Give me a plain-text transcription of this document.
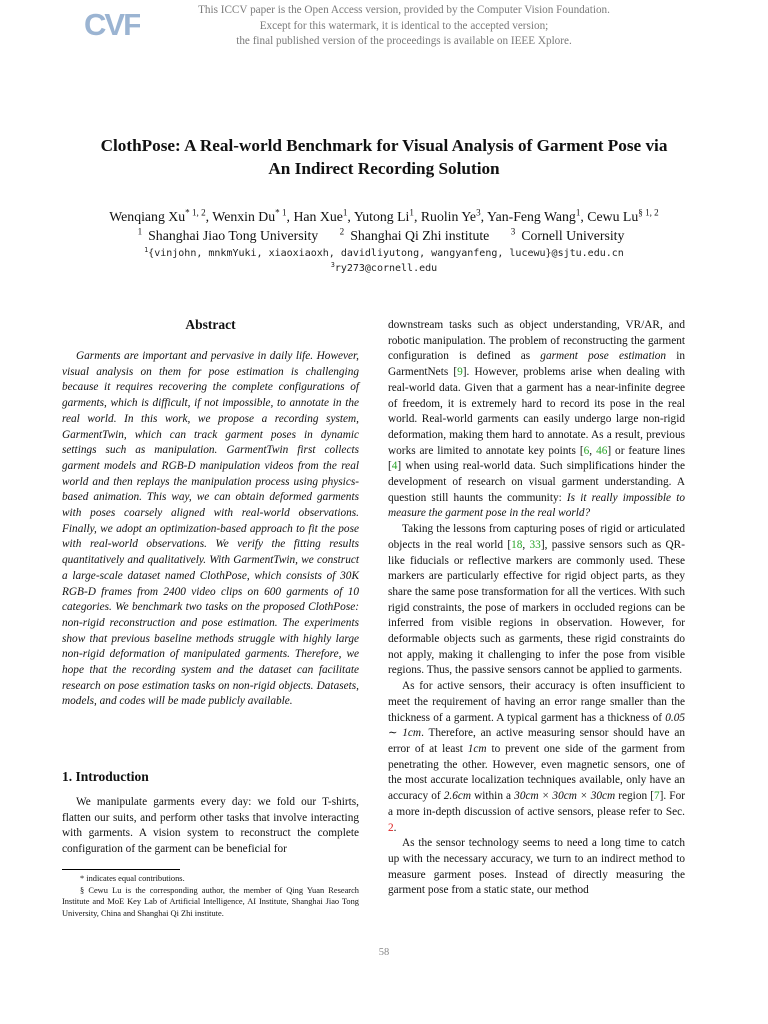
CVF	This ICCV paper is the Open Access version, provided by the Computer Vision Foundation.
Except for this watermark, it is identical to the accepted version;
the final published version of the proceedings is available on IEEE Xplore.
ClothPose: A Real-world Benchmark for Visual Analysis of Garment Pose via
An Indirect Recording Solution
Wenqiang Xu$^{* 1, 2}$, Wenxin Du$^{* 1}$, Han Xue$^1$, Yutong Li$^1$, Ruolin Ye$^3$, Yan-Feng Wang$^1$, Cewu Lu$^{\S 1, 2}$
$^1$ Shanghai Jiao Tong University $^2$ Shanghai Qi Zhi institute $^3$ Cornell University
$^1${vinjohn, mnkmYuki, xiaoxiaoxh, davidliyutong, wangyanfeng, lucewu}@sjtu.edu.cn
$^3$ry273@cornell.edu
Abstract
Garments are important and pervasive in daily life. However, visual analysis on them for pose estimation is challenging because it requires recovering the complete configurations of garments, which is difficult, if not impossible, to annotate in the real world. In this work, we propose a recording system, GarmentTwin, which can track garment poses in dynamic settings such as manipulation. GarmentTwin first collects garment models and RGB-D manipulation videos from the real world and then replays the manipulation process using physics-based animation. This way, we can obtain deformed garments with poses coarsely aligned with real-world observations. Finally, we adopt an optimization-based approach to fit the pose with real-world observations. We verify the fitting results quantitatively and qualitatively. With GarmentTwin, we construct a large-scale dataset named ClothPose, which consists of 30K RGB-D frames from 2400 video clips on 600 garments of 10 categories. We benchmark two tasks on the proposed ClothPose: non-rigid reconstruction and pose estimation. The experiments show that previous baseline methods struggle with highly large non-rigid deformation of manipulated garments. Therefore, we hope that the recording system and the dataset can facilitate research on pose estimation tasks on non-rigid objects. Datasets, models, and codes will be made publicly available.
1. Introduction
We manipulate garments every day: we fold our T-shirts, flatten our suits, and perform other tasks that involve interacting with garments. A vision system to reconstruct the complete configuration of the garment can be beneficial for
* indicates equal contributions.
§ Cewu Lu is the corresponding author, the member of Qing Yuan Research Institute and MoE Key Lab of Artificial Intelligence, AI Institute, Shanghai Jiao Tong University, China and Shanghai Qi Zhi institute.

downstream tasks such as object understanding, VR/AR, and robotic manipulation. The problem of reconstructing the garment configuration is defined as garment pose estimation in GarmentNets [9]. However, problems arise when dealing with real-world data. Given that a garment has a near-infinite degree of freedom, it is extremely hard to record its pose in the real world. Real-world garments can easily undergo large non-rigid deformation, making them hard to annotate. As a result, previous works are limited to annotate key points [6, 46] or feature lines [4] when using real-world data. Such simplifications hinder the development of research on visual garment understanding. A question still haunts the community: Is it really impossible to measure the garment pose in the real world?

Taking the lessons from capturing poses of rigid or articulated objects in the real world [18, 33], passive sensors such as QR-like fiducials or reflective markers are commonly used. These markers are particularly effective for rigid object parts, as they share the same pose transformation for all the vertices. With such rigid constraints, the pose of markers in occluded regions can be inferred from visible regions in observation. However, for deformable objects such as garments, these rigid constraints do not apply, making it challenging to infer the pose from visible regions. Thus, the passive sensors cannot be applied to garments.

As for active sensors, their accuracy is often insufficient to meet the requirement of having an error range smaller than the thickness of a garment. A typical garment has a thickness of 0.05 ∼ 1cm. Therefore, an active measuring sensor should have an error of at least 1cm to prevent one side of the garment from penetrating the other. However, even magnetic sensors, one of the most accurate localization techniques available, only have an accuracy of 2.6cm within a 30cm × 30cm × 30cm region [7]. For a more in-depth discussion of active sensors, please refer to Sec. 2.

As the sensor technology seems to need a long time to catch up with the necessary accuracy, we turn to an indirect method to measure garment poses. Instead of directly measuring the garment pose from a static state, our method

58
